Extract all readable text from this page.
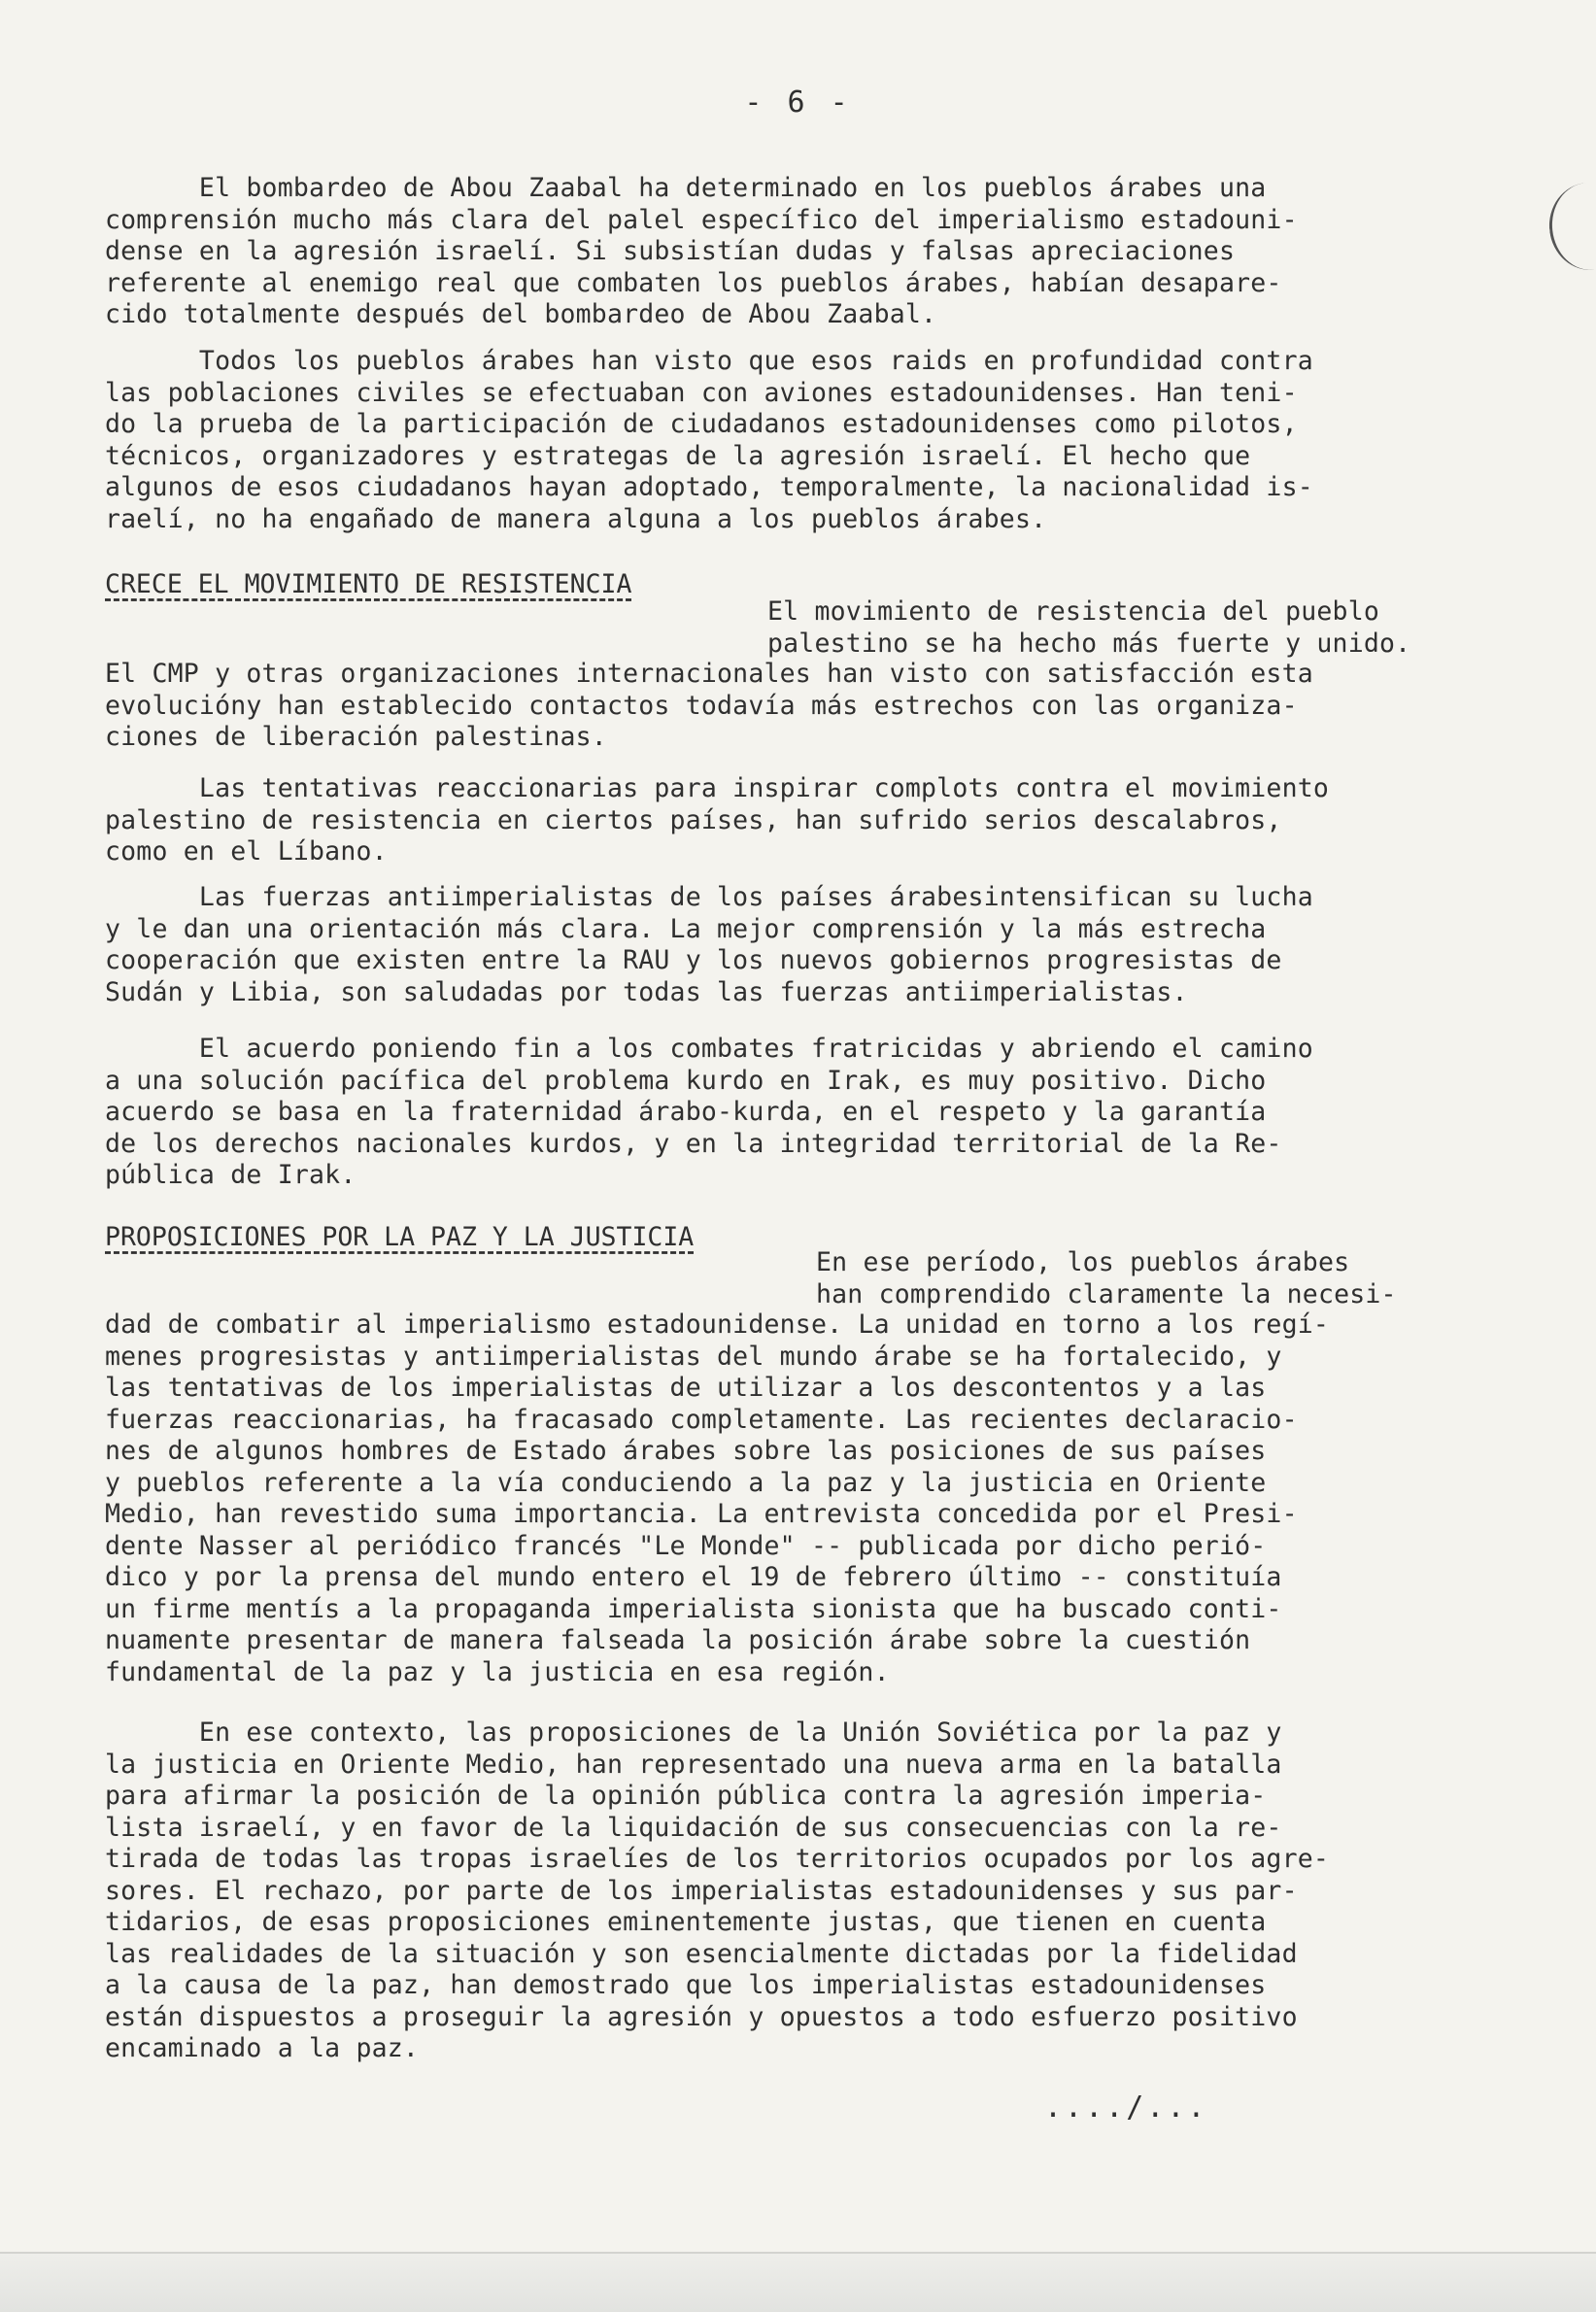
- 6 -

El bombardeo de Abou Zaabal ha determinado en los pueblos árabes una
comprensión mucho más clara del palel específico del imperialismo estadouni-
dense en la agresión israelí. Si subsistían dudas y falsas apreciaciones
referente al enemigo real que combaten los pueblos árabes, habían desapare-
cido totalmente después del bombardeo de Abou Zaabal.

Todos los pueblos árabes han visto que esos raids en profundidad contra
las poblaciones civiles se efectuaban con aviones estadounidenses. Han teni-
do la prueba de la participación de ciudadanos estadounidenses como pilotos,
técnicos, organizadores y estrategas de la agresión israelí. El hecho que
algunos de esos ciudadanos hayan adoptado, temporalmente, la nacionalidad is-
raelí, no ha engañado de manera alguna a los pueblos árabes.

CRECE EL MOVIMIENTO DE RESISTENCIA

El movimiento de resistencia del pueblo
palestino se ha hecho más fuerte y unido.

El CMP y otras organizaciones internacionales han visto con satisfacción esta
evolucióny han establecido contactos todavía más estrechos con las organiza-
ciones de liberación palestinas.

Las tentativas reaccionarias para inspirar complots contra el movimiento
palestino de resistencia en ciertos países, han sufrido serios descalabros,
como en el Líbano.

Las fuerzas antiimperialistas de los países árabesintensifican su lucha
y le dan una orientación más clara. La mejor comprensión y la más estrecha
cooperación que existen entre la RAU y los nuevos gobiernos progresistas de
Sudán y Libia, son saludadas por todas las fuerzas antiimperialistas.

El acuerdo poniendo fin a los combates fratricidas y abriendo el camino
a una solución pacífica del problema kurdo en Irak, es muy positivo. Dicho
acuerdo se basa en la fraternidad árabo-kurda, en el respeto y la garantía
de los derechos nacionales kurdos, y en la integridad territorial de la Re-
pública de Irak.

PROPOSICIONES POR LA PAZ Y LA JUSTICIA

En ese período, los pueblos árabes
han comprendido claramente la necesi-

dad de combatir al imperialismo estadounidense. La unidad en torno a los regí-
menes progresistas y antiimperialistas del mundo árabe se ha fortalecido, y
las tentativas de los imperialistas de utilizar a los descontentos y a las
fuerzas reaccionarias, ha fracasado completamente. Las recientes declaracio-
nes de algunos hombres de Estado árabes sobre las posiciones de sus países
y pueblos referente a la vía conduciendo a la paz y la justicia en Oriente
Medio, han revestido suma importancia. La entrevista concedida por el Presi-
dente Nasser al periódico francés "Le Monde" -- publicada por dicho perió-
dico y por la prensa del mundo entero el 19 de febrero último -- constituía
un firme mentís a la propaganda imperialista sionista que ha buscado conti-
nuamente presentar de manera falseada la posición árabe sobre la cuestión
fundamental de la paz y la justicia en esa región.

En ese contexto, las proposiciones de la Unión Soviética por la paz y
la justicia en Oriente Medio, han representado una nueva arma en la batalla
para afirmar la posición de la opinión pública contra la agresión imperia-
lista israelí, y en favor de la liquidación de sus consecuencias con la re-
tirada de todas las tropas israelíes de los territorios ocupados por los agre-
sores. El rechazo, por parte de los imperialistas estadounidenses y sus par-
tidarios, de esas proposiciones eminentemente justas, que tienen en cuenta
las realidades de la situación y son esencialmente dictadas por la fidelidad
a la causa de la paz, han demostrado que los imperialistas estadounidenses
están dispuestos a proseguir la agresión y opuestos a todo esfuerzo positivo
encaminado a la paz.

..../...
